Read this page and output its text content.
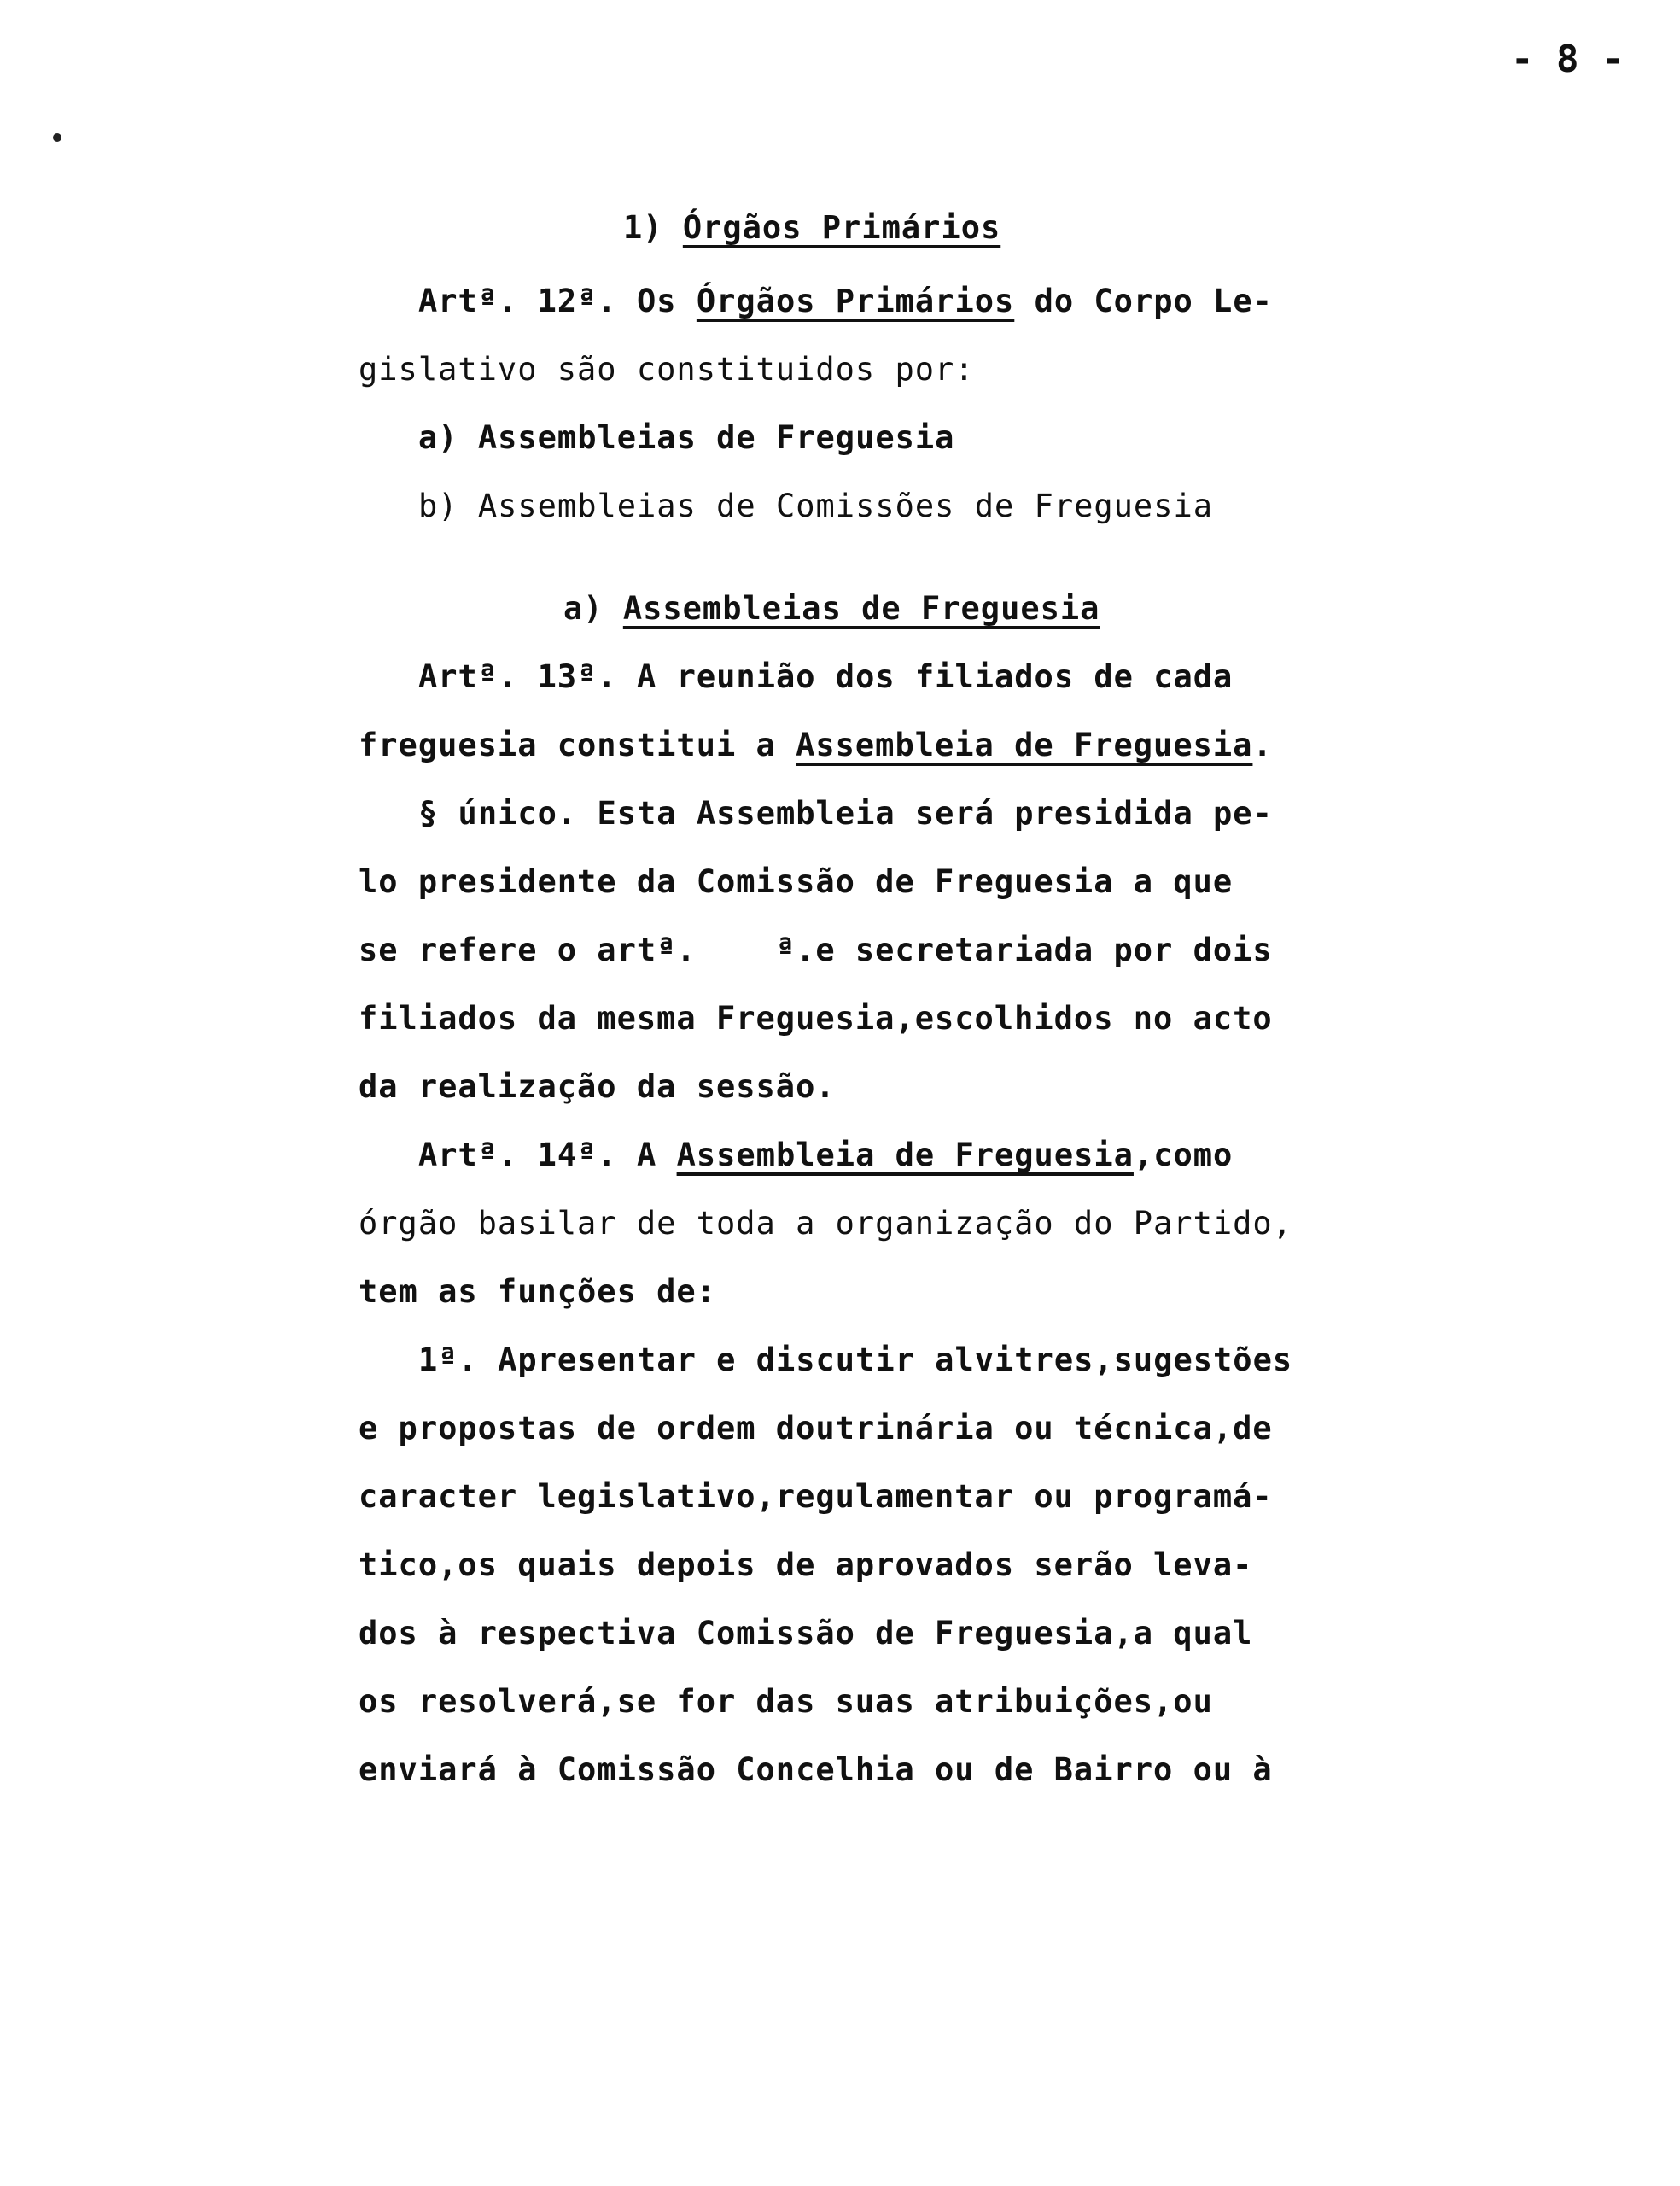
- 8 -
1) Órgãos Primários
Artª. 12ª. Os Órgãos Primários do Corpo Le-
gislativo são constituidos por:
a) Assembleias de Freguesia
b) Assembleias de Comissões de Freguesia
a) Assembleias de Freguesia
Artª. 13ª. A reunião dos filiados de cada
freguesia constitui a Assembleia de Freguesia.
§ único. Esta Assembleia será presidida pe-
lo presidente da Comissão de Freguesia a que
se refere o artª.    ª.e secretariada por dois
filiados da mesma Freguesia,escolhidos no acto
da realização da sessão.
Artª. 14ª. A Assembleia de Freguesia,como
órgão basilar de toda a organização do Partido,
tem as funções de:
1ª. Apresentar e discutir alvitres,sugestões
e propostas de ordem doutrinária ou técnica,de
caracter legislativo,regulamentar ou programá-
tico,os quais depois de aprovados serão leva-
dos à respectiva Comissão de Freguesia,a qual
os resolverá,se for das suas atribuições,ou
enviará à Comissão Concelhia ou de Bairro ou à
